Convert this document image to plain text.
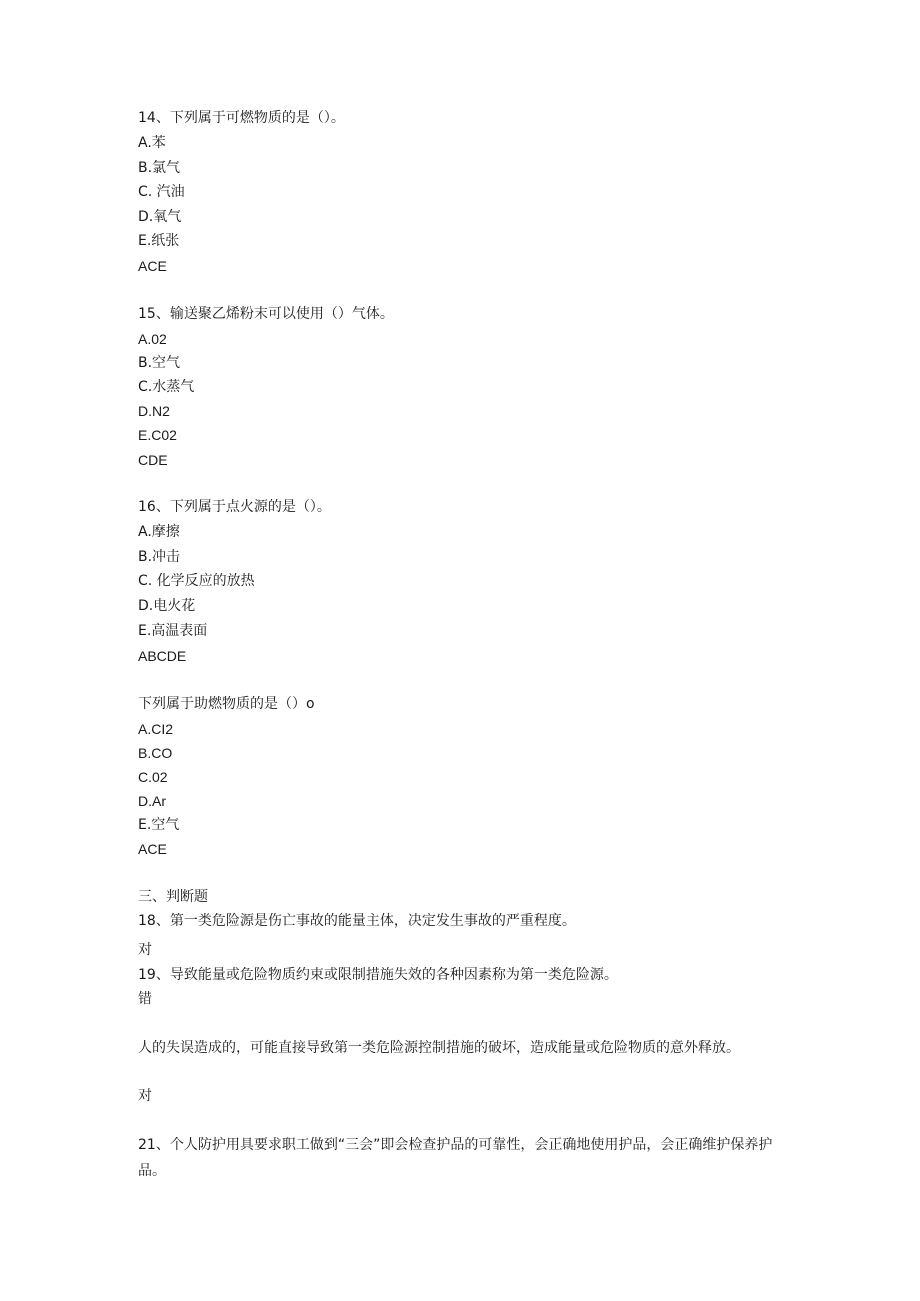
14、下列属于可燃物质的是（）。
A.苯
B.氯气
C. 汽油
D.氧气
E.纸张
ACE
15、输送聚乙烯粉末可以使用（）气体。
A.02
B.空气
C.水蒸气
D.N2
E.C02
CDE
16、下列属于点火源的是（）。
A.摩擦
B.冲击
C. 化学反应的放热
D.电火花
E.高温表面
ABCDE
下列属于助燃物质的是（）o
A.CI2
B.CO
C.02
D.Ar
E.空气
ACE
三、判断题
18、第一类危险源是伤亡事故的能量主体，决定发生事故的严重程度。
对
19、导致能量或危险物质约束或限制措施失效的各种因素称为第一类危险源。
错
人的失误造成的，可能直接导致第一类危险源控制措施的破坏，造成能量或危险物质的意外释放。
对
21、个人防护用具要求职工做到“三会”即会检查护品的可靠性，会正确地使用护品，会正确维护保养护品。
